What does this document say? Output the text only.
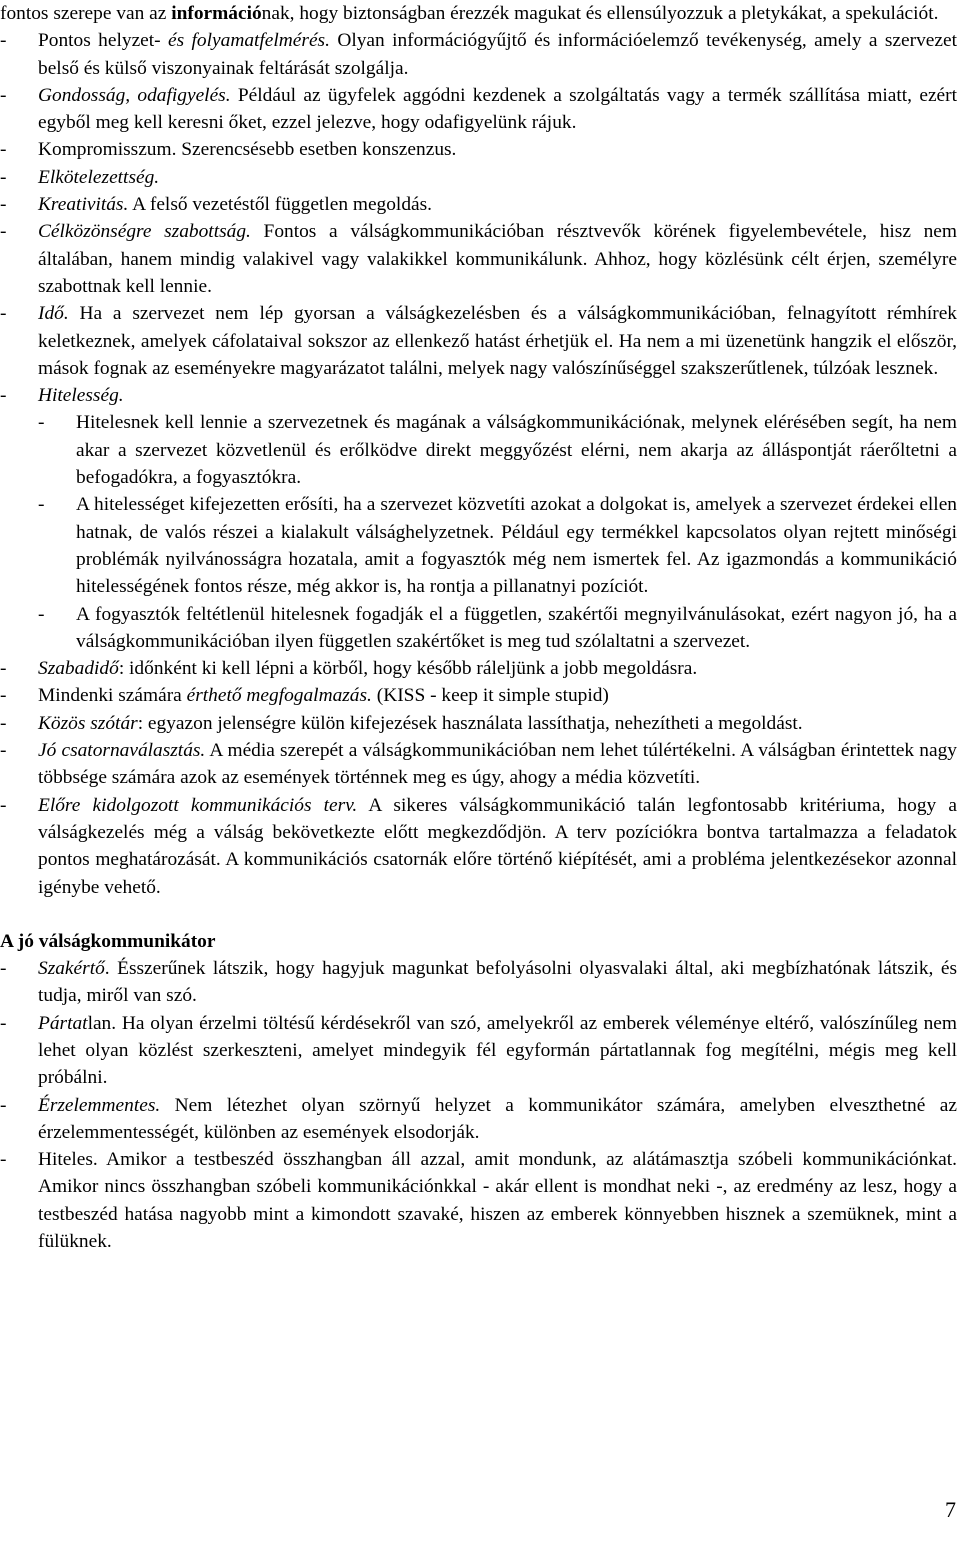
fontos szerepe van az információnak, hogy biztonságban érezzék magukat és ellensúlyozzuk a pletykákat, a spekulációt.

- Pontos helyzet- és folyamatfelmérés. Olyan információgyűjtő és információelemző tevékenység, amely a szervezet belső és külső viszonyainak feltárását szolgálja.
- Gondosság, odafigyelés. Például az ügyfelek aggódni kezdenek a szolgáltatás vagy a termék szállítása miatt, ezért egyből meg kell keresni őket, ezzel jelezve, hogy odafigyelünk rájuk.
- Kompromisszum. Szerencsésebb esetben konszenzus.
- Elkötelezettség.
- Kreativitás. A felső vezetéstől független megoldás.
- Célközönségre szabottság. Fontos a válságkommunikációban résztvevők körének figyelembevétele, hisz nem általában, hanem mindig valakivel vagy valakikkel kommunikálunk. Ahhoz, hogy közlésünk célt érjen, személyre szabottnak kell lennie.
- Idő. Ha a szervezet nem lép gyorsan a válságkezelésben és a válságkommunikációban, felnagyított rémhírek keletkeznek, amelyek cáfolataival sokszor az ellenkező hatást érhetjük el. Ha nem a mi üzenetünk hangzik el először, mások fognak az eseményekre magyarázatot találni, melyek nagy valószínűséggel szakszerűtlenek, túlzóak lesznek.
- Hitelesség.
- Hitelesnek kell lennie a szervezetnek és magának a válságkommunikációnak, melynek elérésében segít, ha nem akar a szervezet közvetlenül és erőlködve direkt meggyőzést elérni, nem akarja az álláspontját ráerőltetni a befogadókra, a fogyasztókra.
- A hitelességet kifejezetten erősíti, ha a szervezet közvetíti azokat a dolgokat is, amelyek a szervezet érdekei ellen hatnak, de valós részei a kialakult válsághelyzetnek. Például egy termékkel kapcsolatos olyan rejtett minőségi problémák nyilvánosságra hozatala, amit a fogyasztók még nem ismertek fel. Az igazmondás a kommunikáció hitelességének fontos része, még akkor is, ha rontja a pillanatnyi pozíciót.
- A fogyasztók feltétlenül hitelesnek fogadják el a független, szakértői megnyilvánulásokat, ezért nagyon jó, ha a válságkommunikációban ilyen független szakértőket is meg tud szólaltatni a szervezet.
- Szabadidő: időnként ki kell lépni a körből, hogy később ráleljünk a jobb megoldásra.
- Mindenki számára érthető megfogalmazás. (KISS - keep it simple stupid)
- Közös szótár: egyazon jelenségre külön kifejezések használata lassíthatja, nehezítheti a megoldást.
- Jó csatornaválasztás. A média szerepét a válságkommunikációban nem lehet túlértékelni. A válságban érintettek nagy többsége számára azok az események történnek meg es úgy, ahogy a média közvetíti.
- Előre kidolgozott kommunikációs terv. A sikeres válságkommunikáció talán legfontosabb kritériuma, hogy a válságkezelés még a válság bekövetkezte előtt megkezdődjön. A terv pozíciókra bontva tartalmazza a feladatok pontos meghatározását. A kommunikációs csatornák előre történő kiépítését, ami a probléma jelentkezésekor azonnal igénybe vehető.

A jó válságkommunikátor

- Szakértő. Ésszerűnek látszik, hogy hagyjuk magunkat befolyásolni olyasvalaki által, aki megbízhatónak látszik, és tudja, miről van szó.
- Pártatlan. Ha olyan érzelmi töltésű kérdésekről van szó, amelyekről az emberek véleménye eltérő, valószínűleg nem lehet olyan közlést szerkeszteni, amelyet mindegyik fél egyformán pártatlannak fog megítélni, mégis meg kell próbálni.
- Érzelemmentes. Nem létezhet olyan szörnyű helyzet a kommunikátor számára, amelyben elveszthetné az érzelemmentességét, különben az események elsodorják.
- Hiteles. Amikor a testbeszéd összhangban áll azzal, amit mondunk, az alátámasztja szóbeli kommunikációnkat. Amikor nincs összhangban szóbeli kommunikációnkkal - akár ellent is mondhat neki -, az eredmény az lesz, hogy a testbeszéd hatása nagyobb mint a kimondott szavaké, hiszen az emberek könnyebben hisznek a szemüknek, mint a fülüknek.
7
